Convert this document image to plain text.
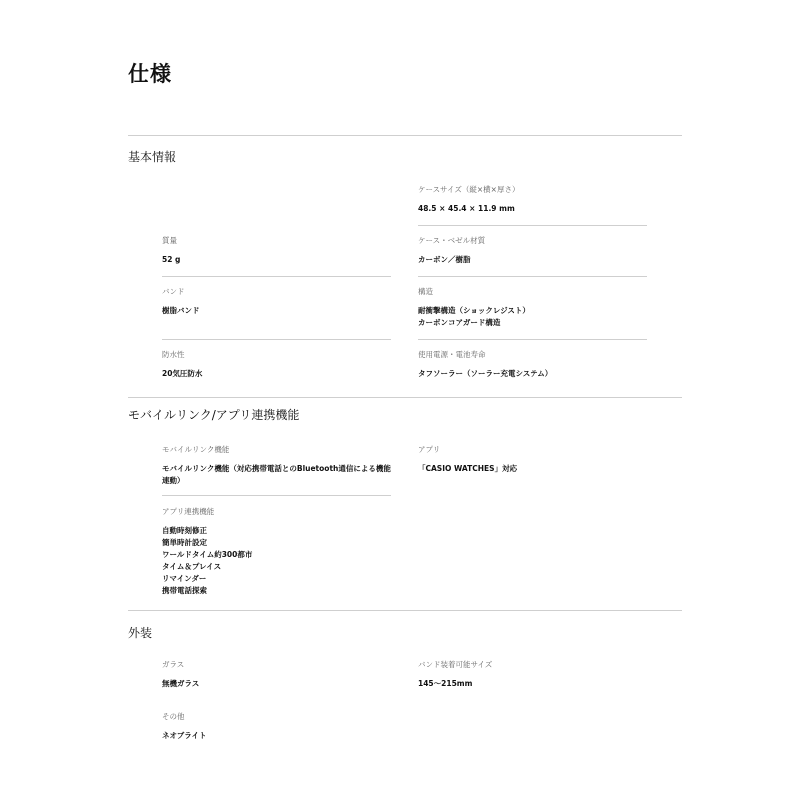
仕様
基本情報
ケースサイズ（縦×横×厚さ）
48.5 × 45.4 × 11.9 mm
質量
52 g
ケース・ベゼル材質
カーボン／樹脂
バンド
樹脂バンド
構造
耐衝撃構造（ショックレジスト）
カーボンコアガード構造
防水性
20気圧防水
使用電源・電池寿命
タフソーラー（ソーラー充電システム）
モバイルリンク/アプリ連携機能
モバイルリンク機能
モバイルリンク機能（対応携帯電話とのBluetooth通信による機能
連動）
アプリ
「CASIO WATCHES」対応
アプリ連携機能
自動時刻修正
簡単時計設定
ワールドタイム約300都市
タイム＆プレイス
リマインダー
携帯電話探索
外装
ガラス
無機ガラス
バンド装着可能サイズ
145〜215mm
その他
ネオブライト
